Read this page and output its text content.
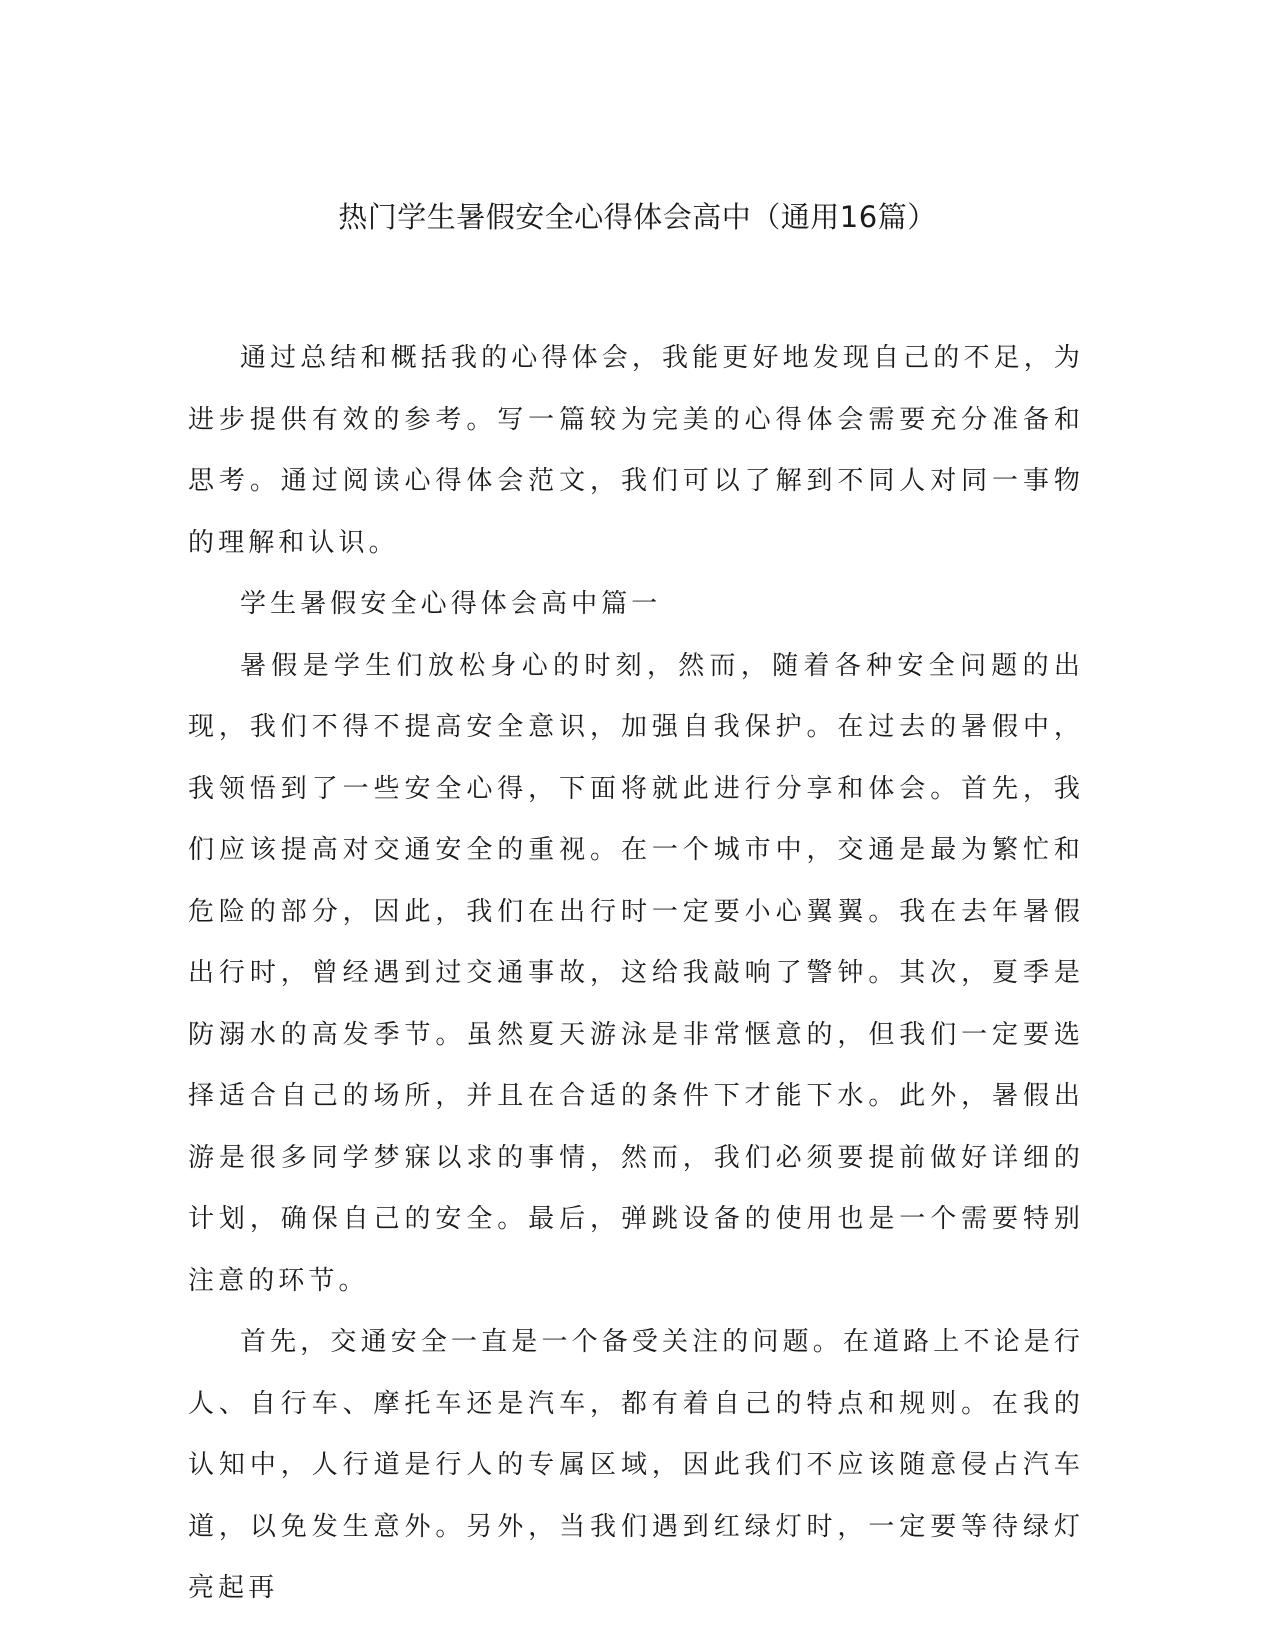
热门学生暑假安全心得体会高中（通用16篇）

通过总结和概括我的心得体会，我能更好地发现自己的不足，为进步提供有效的参考。写一篇较为完美的心得体会需要充分准备和思考。通过阅读心得体会范文，我们可以了解到不同人对同一事物的理解和认识。

学生暑假安全心得体会高中篇一

暑假是学生们放松身心的时刻，然而，随着各种安全问题的出现，我们不得不提高安全意识，加强自我保护。在过去的暑假中，我领悟到了一些安全心得，下面将就此进行分享和体会。首先，我们应该提高对交通安全的重视。在一个城市中，交通是最为繁忙和危险的部分，因此，我们在出行时一定要小心翼翼。我在去年暑假出行时，曾经遇到过交通事故，这给我敲响了警钟。其次，夏季是防溺水的高发季节。虽然夏天游泳是非常惬意的，但我们一定要选择适合自己的场所，并且在合适的条件下才能下水。此外，暑假出游是很多同学梦寐以求的事情，然而，我们必须要提前做好详细的计划，确保自己的安全。最后，弹跳设备的使用也是一个需要特别注意的环节。

首先，交通安全一直是一个备受关注的问题。在道路上不论是行人、自行车、摩托车还是汽车，都有着自己的特点和规则。在我的认知中，人行道是行人的专属区域，因此我们不应该随意侵占汽车道，以免发生意外。另外，当我们遇到红绿灯时，一定要等待绿灯亮起再
